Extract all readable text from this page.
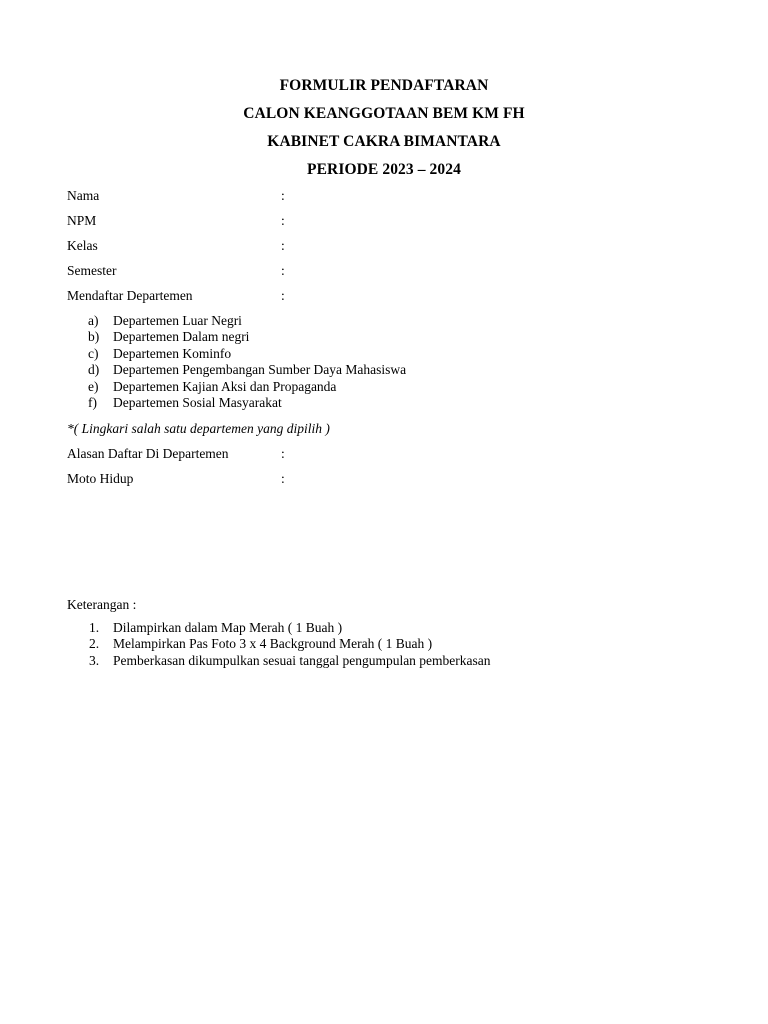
FORMULIR PENDAFTARAN
CALON KEANGGOTAAN BEM KM FH
KABINET CAKRA BIMANTARA
PERIODE 2023 – 2024
Nama	:
NPM	:
Kelas	:
Semester	:
Mendaftar Departemen	:
a) Departemen Luar Negri
b) Departemen Dalam negri
c) Departemen Kominfo
d) Departemen Pengembangan Sumber Daya Mahasiswa
e) Departemen Kajian Aksi dan Propaganda
f) Departemen Sosial Masyarakat
*( Lingkari salah satu departemen yang dipilih )
Alasan Daftar Di Departemen	:
Moto Hidup	:
Keterangan :
1. Dilampirkan dalam Map Merah ( 1 Buah )
2. Melampirkan Pas Foto 3 x 4 Background Merah ( 1 Buah )
3. Pemberkasan dikumpulkan sesuai tanggal pengumpulan pemberkasan
